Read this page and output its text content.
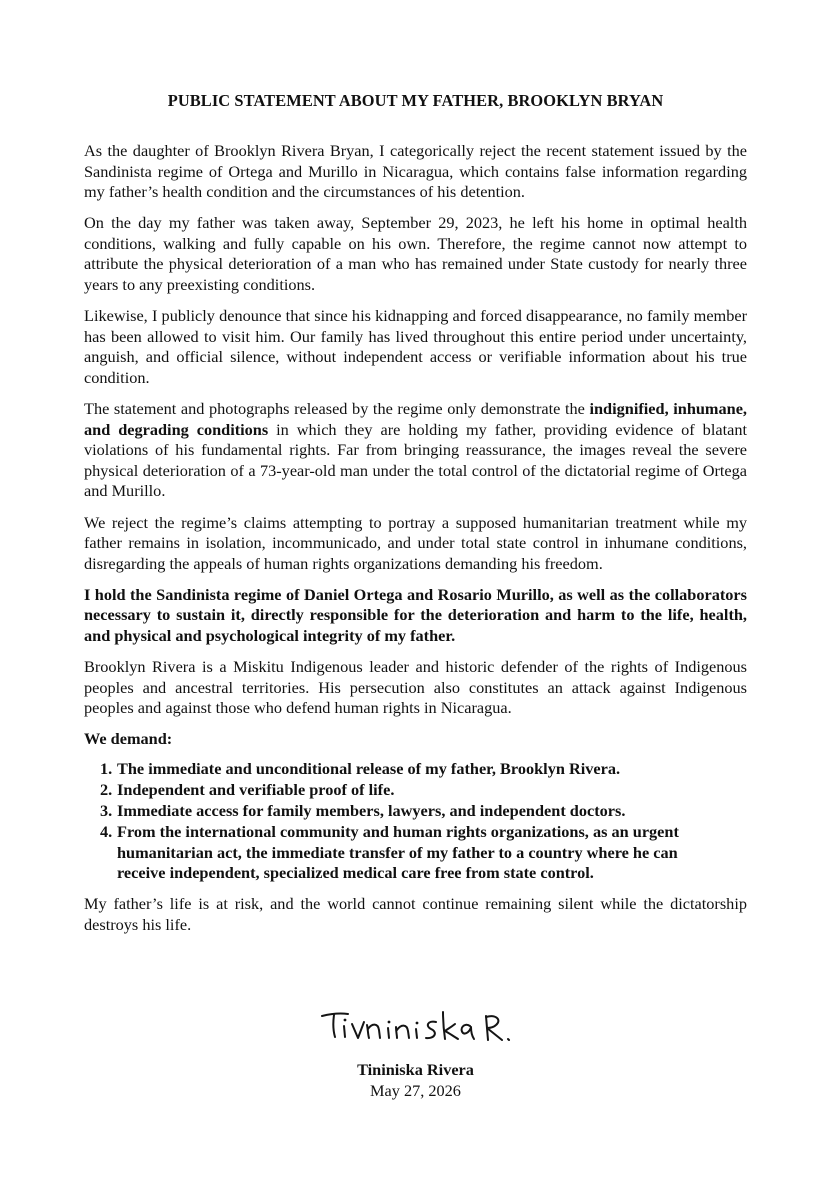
PUBLIC STATEMENT ABOUT MY FATHER, BROOKLYN BRYAN

As the daughter of Brooklyn Rivera Bryan, I categorically reject the recent statement issued by the Sandinista regime of Ortega and Murillo in Nicaragua, which contains false information regarding my father’s health condition and the circumstances of his detention.

On the day my father was taken away, September 29, 2023, he left his home in optimal health conditions, walking and fully capable on his own. Therefore, the regime cannot now attempt to attribute the physical deterioration of a man who has remained under State custody for nearly three years to any preexisting conditions.

Likewise, I publicly denounce that since his kidnapping and forced disappearance, no family member has been allowed to visit him. Our family has lived throughout this entire period under uncertainty, anguish, and official silence, without independent access or verifiable information about his true condition.

The statement and photographs released by the regime only demonstrate the indignified, inhumane, and degrading conditions in which they are holding my father, providing evidence of blatant violations of his fundamental rights. Far from bringing reassurance, the images reveal the severe physical deterioration of a 73-year-old man under the total control of the dictatorial regime of Ortega and Murillo.

We reject the regime’s claims attempting to portray a supposed humanitarian treatment while my father remains in isolation, incommunicado, and under total state control in inhumane conditions, disregarding the appeals of human rights organizations demanding his freedom.

I hold the Sandinista regime of Daniel Ortega and Rosario Murillo, as well as the collaborators necessary to sustain it, directly responsible for the deterioration and harm to the life, health, and physical and psychological integrity of my father.

Brooklyn Rivera is a Miskitu Indigenous leader and historic defender of the rights of Indigenous peoples and ancestral territories. His persecution also constitutes an attack against Indigenous peoples and against those who defend human rights in Nicaragua.

We demand:

1. The immediate and unconditional release of my father, Brooklyn Rivera.
2. Independent and verifiable proof of life.
3. Immediate access for family members, lawyers, and independent doctors.
4. From the international community and human rights organizations, as an urgent humanitarian act, the immediate transfer of my father to a country where he can receive independent, specialized medical care free from state control.

My father’s life is at risk, and the world cannot continue remaining silent while the dictatorship destroys his life.

Tininiska Rivera
May 27, 2026
